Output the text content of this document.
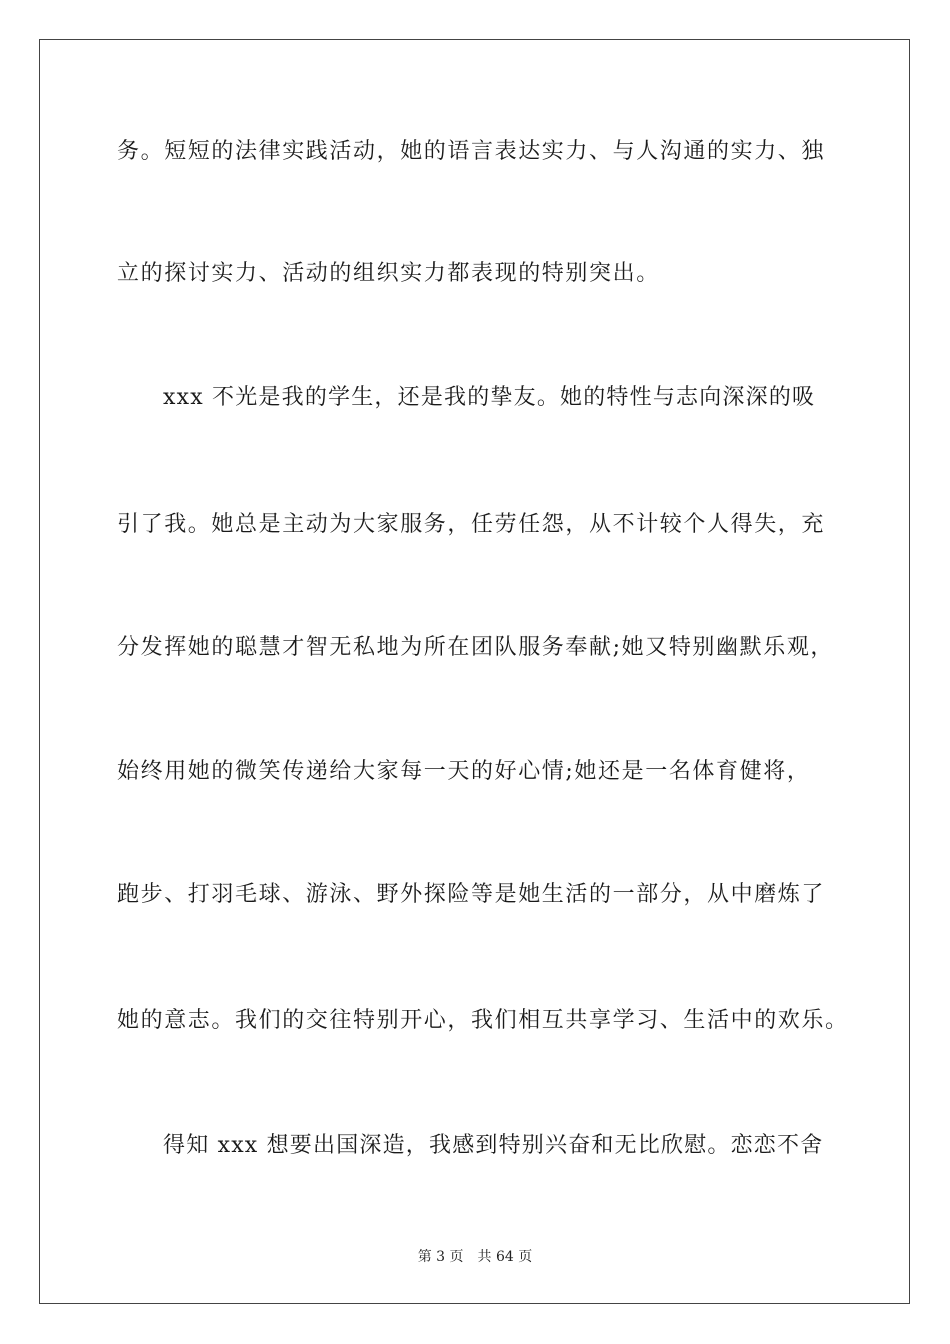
务。短短的法律实践活动，她的语言表达实力、与人沟通的实力、独
立的探讨实力、活动的组织实力都表现的特别突出。
xxx 不光是我的学生，还是我的挚友。她的特性与志向深深的吸
引了我。她总是主动为大家服务，任劳任怨，从不计较个人得失，充
分发挥她的聪慧才智无私地为所在团队服务奉献;她又特别幽默乐观，
始终用她的微笑传递给大家每一天的好心情;她还是一名体育健将，
跑步、打羽毛球、游泳、野外探险等是她生活的一部分，从中磨炼了
她的意志。我们的交往特别开心，我们相互共享学习、生活中的欢乐。
得知 xxx 想要出国深造，我感到特别兴奋和无比欣慰。恋恋不舍
第 3 页 共 64 页
